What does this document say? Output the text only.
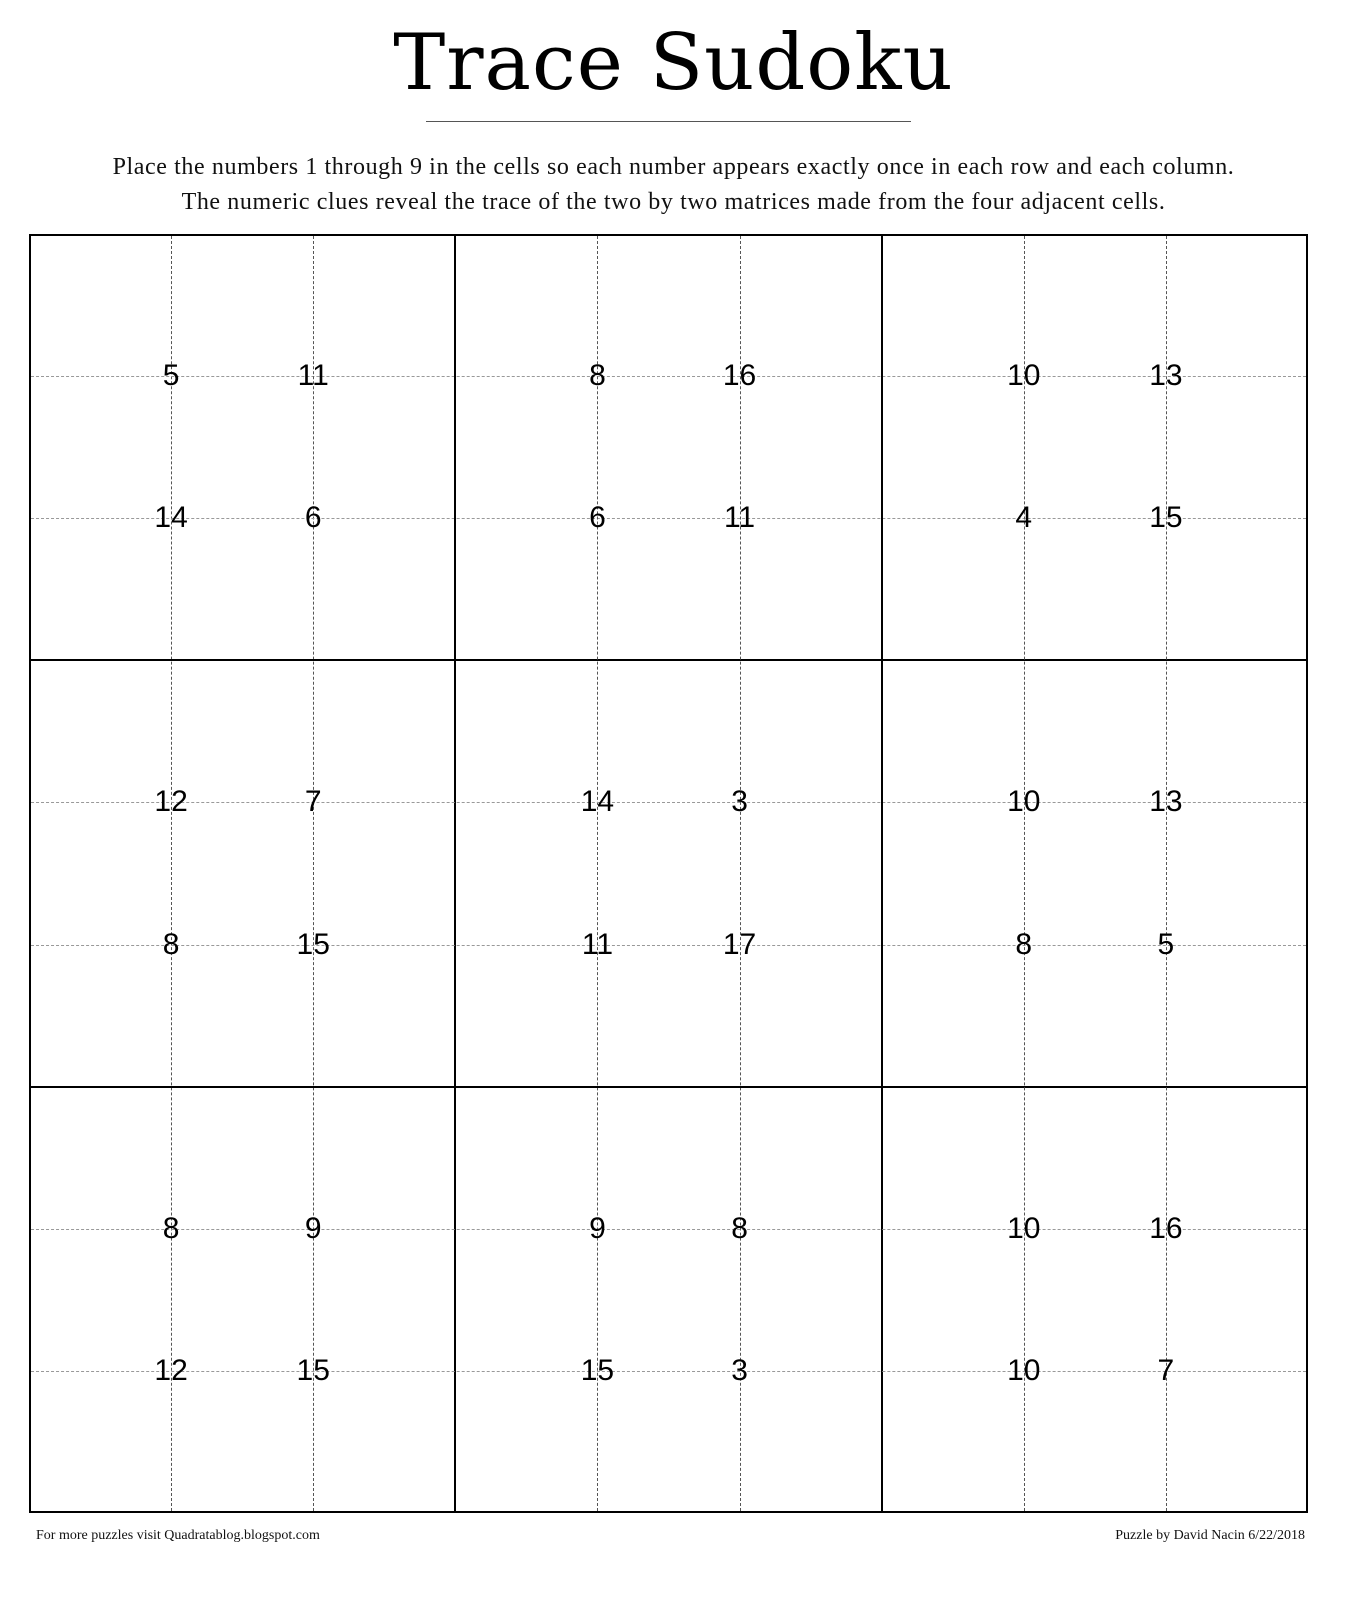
Trace Sudoku
Place the numbers 1 through 9 in the cells so each number appears exactly once in each row and each column.
The numeric clues reveal the trace of the two by two matrices made from the four adjacent cells.
5	11	8	16	10	13
14	6	6	11	4	15
12	7	14	3	10	13
8	15	11	17	8	5
8	9	9	8	10	16
12	15	15	3	10	7
For more puzzles visit Quadratablog.blogspot.com	Puzzle by David Nacin 6/22/2018
